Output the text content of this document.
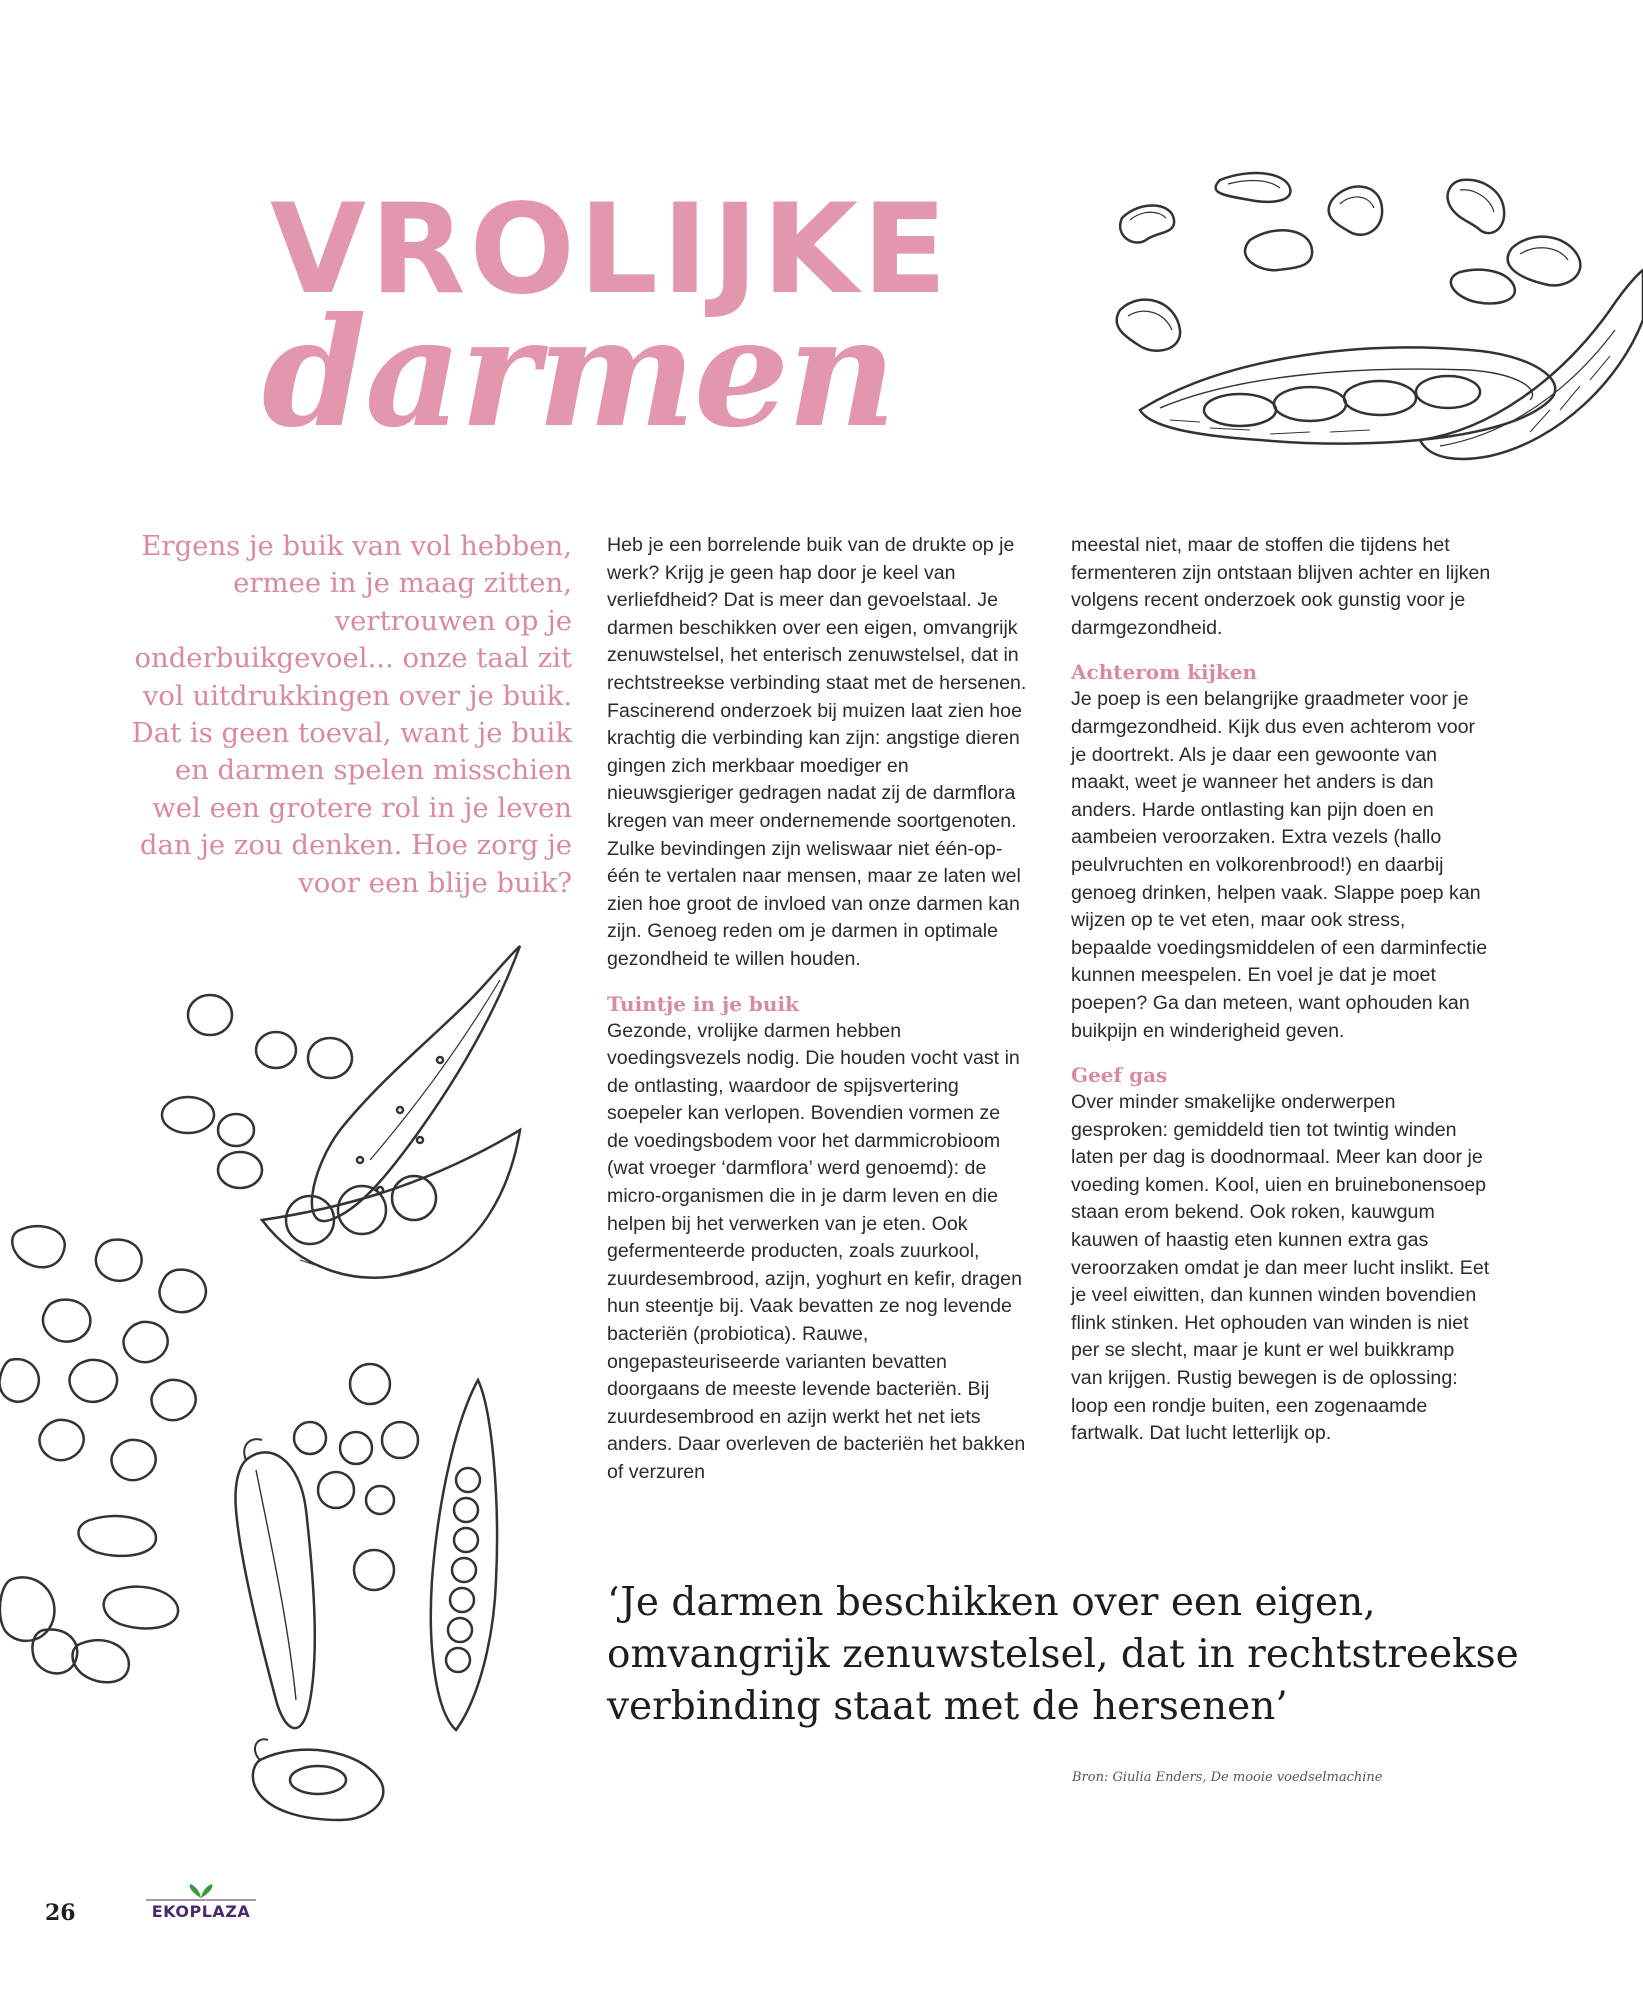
VROLIJKE
darmen

Ergens je buik van vol hebben, ermee in je maag zitten, vertrouwen op je onderbuikgevoel... onze taal zit vol uitdrukkingen over je buik. Dat is geen toeval, want je buik en darmen spelen misschien wel een grotere rol in je leven dan je zou denken. Hoe zorg je voor een blije buik?

Heb je een borrelende buik van de drukte op je werk? Krijg je geen hap door je keel van verliefdheid? Dat is meer dan gevoelstaal. Je darmen beschikken over een eigen, omvangrijk zenuwstelsel, het enterisch zenuwstelsel, dat in rechtstreekse verbinding staat met de hersenen. Fascinerend onderzoek bij muizen laat zien hoe krachtig die verbinding kan zijn: angstige dieren gingen zich merkbaar moediger en nieuwsgieriger gedragen nadat zij de darmflora kregen van meer ondernemende soortgenoten. Zulke bevindingen zijn weliswaar niet één-op-één te vertalen naar mensen, maar ze laten wel zien hoe groot de invloed van onze darmen kan zijn. Genoeg reden om je darmen in optimale gezondheid te willen houden.

Tuintje in je buik

Gezonde, vrolijke darmen hebben voedingsvezels nodig. Die houden vocht vast in de ontlasting, waardoor de spijsvertering soepeler kan verlopen. Bovendien vormen ze de voedingsbodem voor het darmmicrobioom (wat vroeger ‘darmflora’ werd genoemd): de micro-organismen die in je darm leven en die helpen bij het verwerken van je eten. Ook gefermenteerde producten, zoals zuurkool, zuurdesembrood, azijn, yoghurt en kefir, dragen hun steentje bij. Vaak bevatten ze nog levende bacteriën (probiotica). Rauwe, ongepasteuriseerde varianten bevatten doorgaans de meeste levende bacteriën. Bij zuurdesembrood en azijn werkt het net iets anders. Daar overleven de bacteriën het bakken of verzuren

meestal niet, maar de stoffen die tijdens het fermenteren zijn ontstaan blijven achter en lijken volgens recent onderzoek ook gunstig voor je darmgezondheid.

Achterom kijken

Je poep is een belangrijke graadmeter voor je darmgezondheid. Kijk dus even achterom voor je doortrekt. Als je daar een gewoonte van maakt, weet je wanneer het anders is dan anders. Harde ontlasting kan pijn doen en aambeien veroorzaken. Extra vezels (hallo peulvruchten en volkorenbrood!) en daarbij genoeg drinken, helpen vaak. Slappe poep kan wijzen op te vet eten, maar ook stress, bepaalde voedingsmiddelen of een darminfectie kunnen meespelen. En voel je dat je moet poepen? Ga dan meteen, want ophouden kan buikpijn en winderigheid geven.

Geef gas

Over minder smakelijke onderwerpen gesproken: gemiddeld tien tot twintig winden laten per dag is doodnormaal. Meer kan door je voeding komen. Kool, uien en bruinebonensoep staan erom bekend. Ook roken, kauwgum kauwen of haastig eten kunnen extra gas veroorzaken omdat je dan meer lucht inslikt. Eet je veel eiwitten, dan kunnen winden bovendien flink stinken. Het ophouden van winden is niet per se slecht, maar je kunt er wel buikkramp van krijgen. Rustig bewegen is de oplossing: loop een rondje buiten, een zogenaamde fartwalk. Dat lucht letterlijk op.

‘Je darmen beschikken over een eigen, omvangrijk zenuwstelsel, dat in rechtstreekse verbinding staat met de hersenen’

Bron: Giulia Enders, De mooie voedselmachine

26	EKOPLAZA
